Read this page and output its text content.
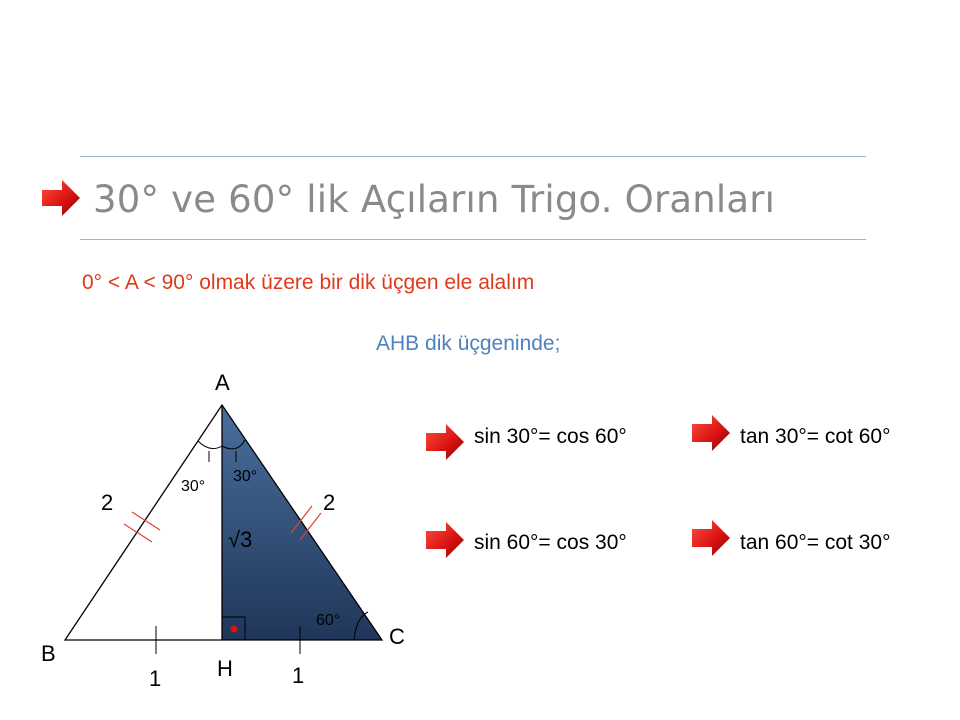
30° ve 60° lik Açıların Trigo. Oranları
0° < A < 90° olmak üzere bir dik üçgen ele alalım
AHB dik üçgeninde;
A
B
C
H
2	2
√3
1	1
30°
30°
60°
sin 30°= cos 60°	tan 30°= cot 60°
sin 60°= cos 30°	tan 60°= cot 30°
